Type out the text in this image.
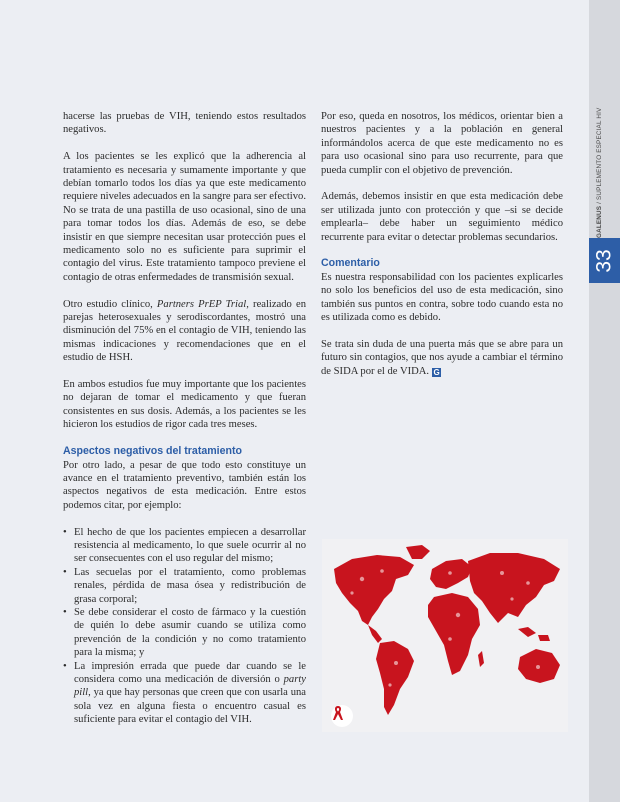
GALENUS / SUPLEMENTO ESPECIAL HIV
33

hacerse las pruebas de VIH, teniendo estos resultados negativos.

A los pacientes se les explicó que la adherencia al tratamiento es necesaria y sumamente importante y que debían tomarlo todos los días ya que este medicamento requiere niveles adecuados en la sangre para ser efectivo. No se trata de una pastilla de uso ocasional, sino de una para tomar todos los días. Además de eso, se debe insistir en que siempre necesitan usar protección pues el medicamento solo no es suficiente para suprimir el contagio del virus. Este tratamiento tampoco previene el contagio de otras enfermedades de transmisión sexual.

Otro estudio clínico, Partners PrEP Trial, realizado en parejas heterosexuales y serodiscordantes, mostró una disminución del 75% en el contagio de VIH, teniendo las mismas indicaciones y recomendaciones que en el estudio de HSH.

En ambos estudios fue muy importante que los pacientes no dejaran de tomar el medicamento y que fueran consistentes en sus dosis. Además, a los pacientes se les hicieron los estudios de rigor cada tres meses.

Aspectos negativos del tratamiento

Por otro lado, a pesar de que todo esto constituye un avance en el tratamiento preventivo, también están los aspectos negativos de esta medicación. Entre estos podemos citar, por ejemplo:

• El hecho de que los pacientes empiecen a desarrollar resistencia al medicamento, lo que suele ocurrir al no ser consecuentes con el uso regular del mismo;
• Las secuelas por el tratamiento, como problemas renales, pérdida de masa ósea y redistribución de grasa corporal;
• Se debe considerar el costo de fármaco y la cuestión de quién lo debe asumir cuando se utiliza como prevención de la condición y no como tratamiento para la misma; y
• La impresión errada que puede dar cuando se le considera como una medicación de diversión o party pill, ya que hay personas que creen que con usarla una sola vez en alguna fiesta o encuentro casual es suficiente para evitar el contagio del VIH.

Por eso, queda en nosotros, los médicos, orientar bien a nuestros pacientes y a la población en general informándolos acerca de que este medicamento no es para uso ocasional sino para uso recurrente, para que pueda cumplir con el objetivo de prevención.

Además, debemos insistir en que esta medicación debe ser utilizada junto con protección y que –si se decide emplearla– debe haber un seguimiento médico recurrente para evitar o detectar problemas secundarios.

Comentario

Es nuestra responsabilidad con los pacientes explicarles no solo los beneficios del uso de esta medicación, sino también sus puntos en contra, sobre todo cuando esta no es utilizada como es debido.

Se trata sin duda de una puerta más que se abre para un futuro sin contagios, que nos ayude a cambiar el término de SIDA por el de VIDA. G
